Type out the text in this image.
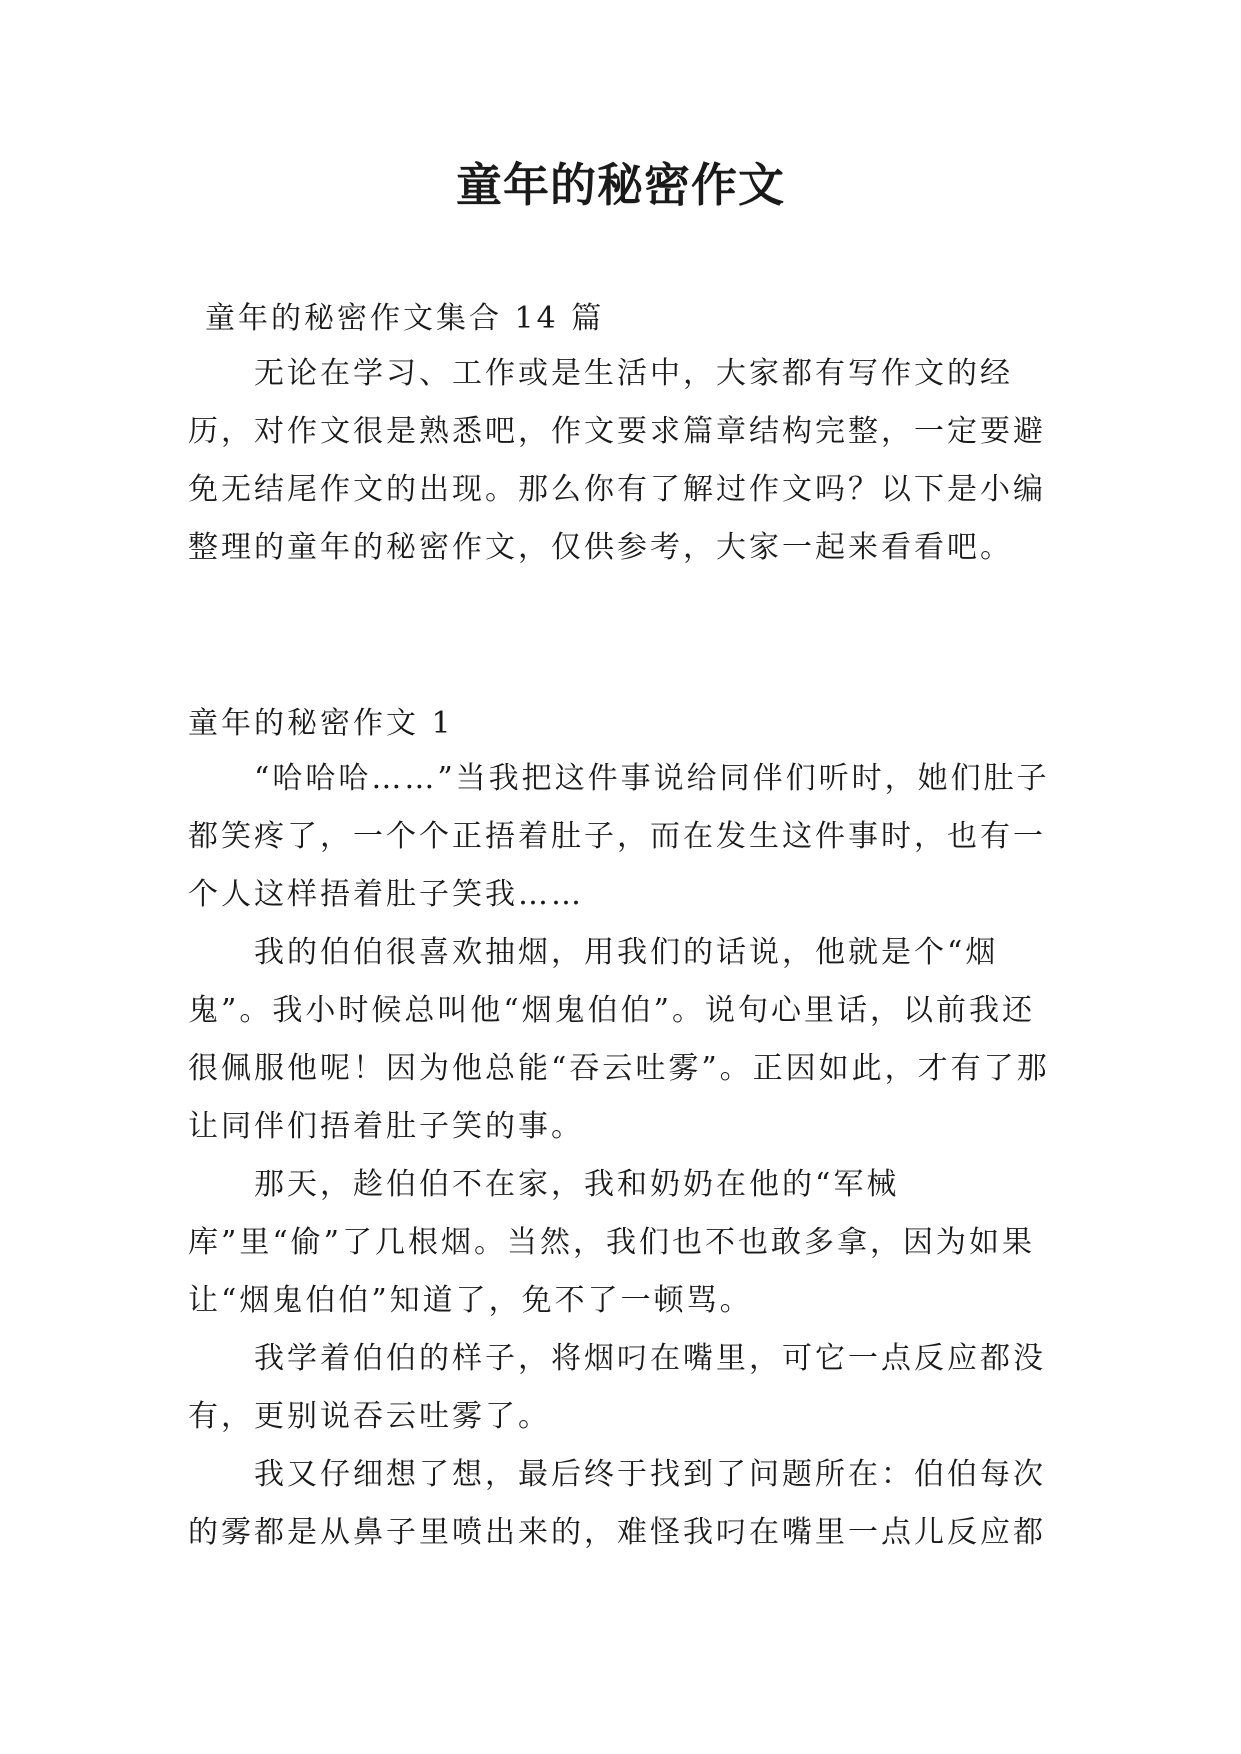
童年的秘密作文

童年的秘密作文集合 14 篇

无论在学习、工作或是生活中，大家都有写作文的经历，对作文很是熟悉吧，作文要求篇章结构完整，一定要避免无结尾作文的出现。那么你有了解过作文吗？以下是小编整理的童年的秘密作文，仅供参考，大家一起来看看吧。

童年的秘密作文 1

“哈哈哈……”当我把这件事说给同伴们听时，她们肚子都笑疼了，一个个正捂着肚子，而在发生这件事时，也有一个人这样捂着肚子笑我……

我的伯伯很喜欢抽烟，用我们的话说，他就是个“烟鬼”。我小时候总叫他“烟鬼伯伯”。说句心里话，以前我还很佩服他呢！因为他总能“吞云吐雾”。正因如此，才有了那让同伴们捂着肚子笑的事。

那天，趁伯伯不在家，我和奶奶在他的“军械库”里“偷”了几根烟。当然，我们也不也敢多拿，因为如果让“烟鬼伯伯”知道了，免不了一顿骂。

我学着伯伯的样子，将烟叼在嘴里，可它一点反应都没有，更别说吞云吐雾了。

我又仔细想了想，最后终于找到了问题所在：伯伯每次的雾都是从鼻子里喷出来的，难怪我叼在嘴里一点儿反应都
